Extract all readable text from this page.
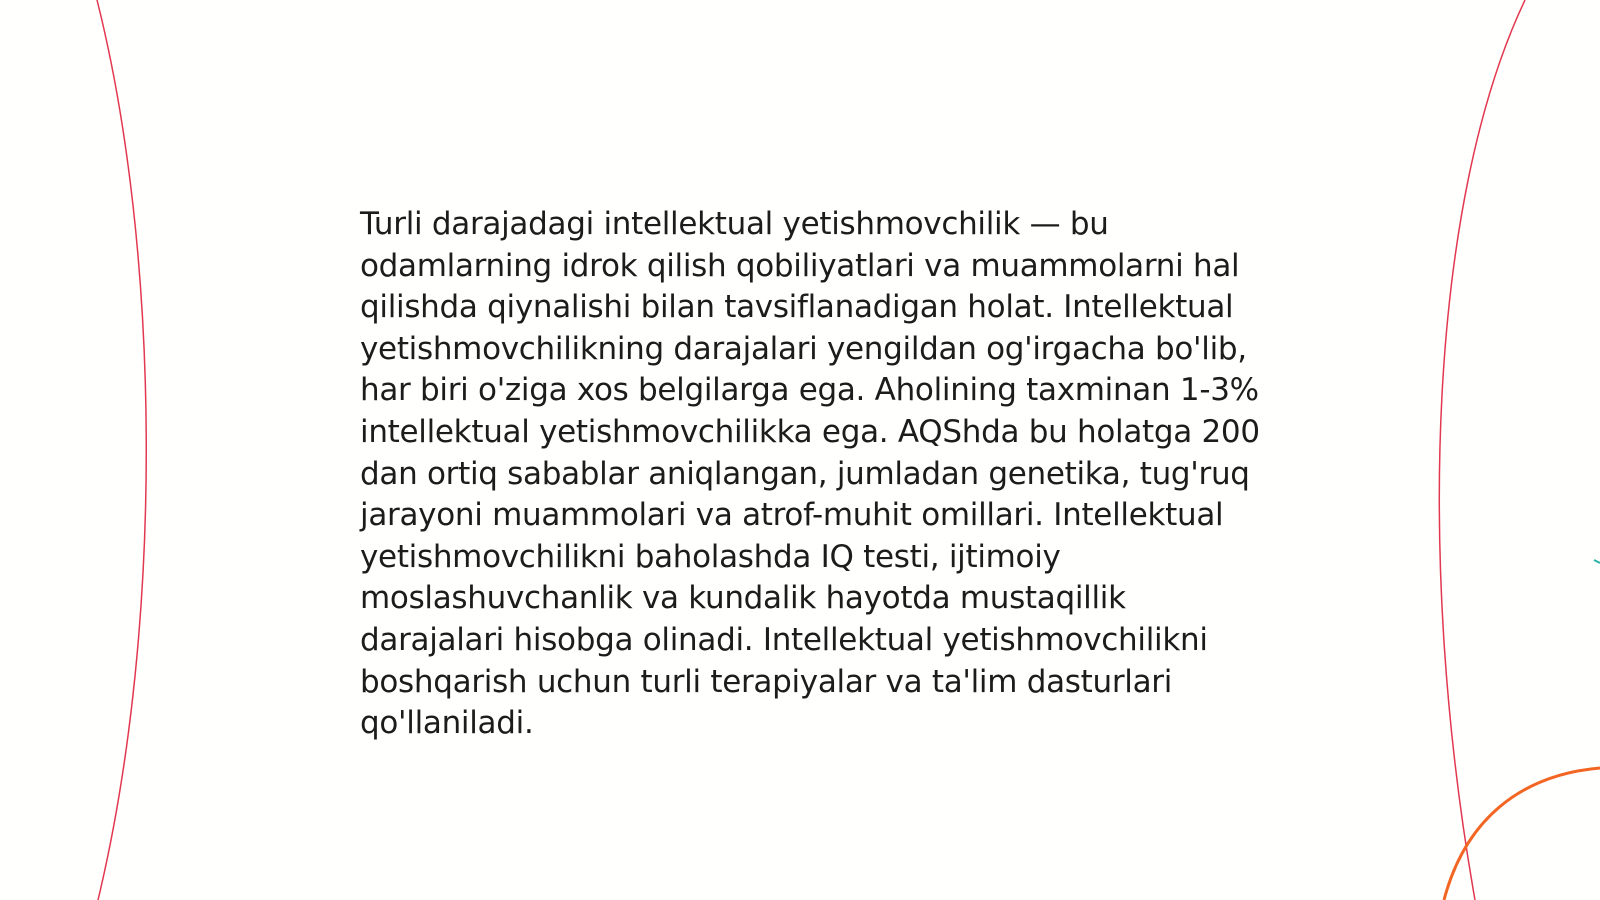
Turli darajadagi intellektual yetishmovchilik — bu odamlarning idrok qilish qobiliyatlari va muammolarni hal qilishda qiynalishi bilan tavsiflanadigan holat. Intellektual yetishmovchilikning darajalari yengildan og'irgacha bo'lib, har biri o'ziga xos belgilarga ega. Aholining taxminan 1-3% intellektual yetishmovchilikka ega. AQShda bu holatga 200 dan ortiq sabablar aniqlangan, jumladan genetika, tug'ruq jarayoni muammolari va atrof-muhit omillari. Intellektual yetishmovchilikni baholashda IQ testi, ijtimoiy moslashuvchanlik va kundalik hayotda mustaqillik darajalari hisobga olinadi. Intellektual yetishmovchilikni boshqarish uchun turli terapiyalar va ta'lim dasturlari qo'llaniladi.
